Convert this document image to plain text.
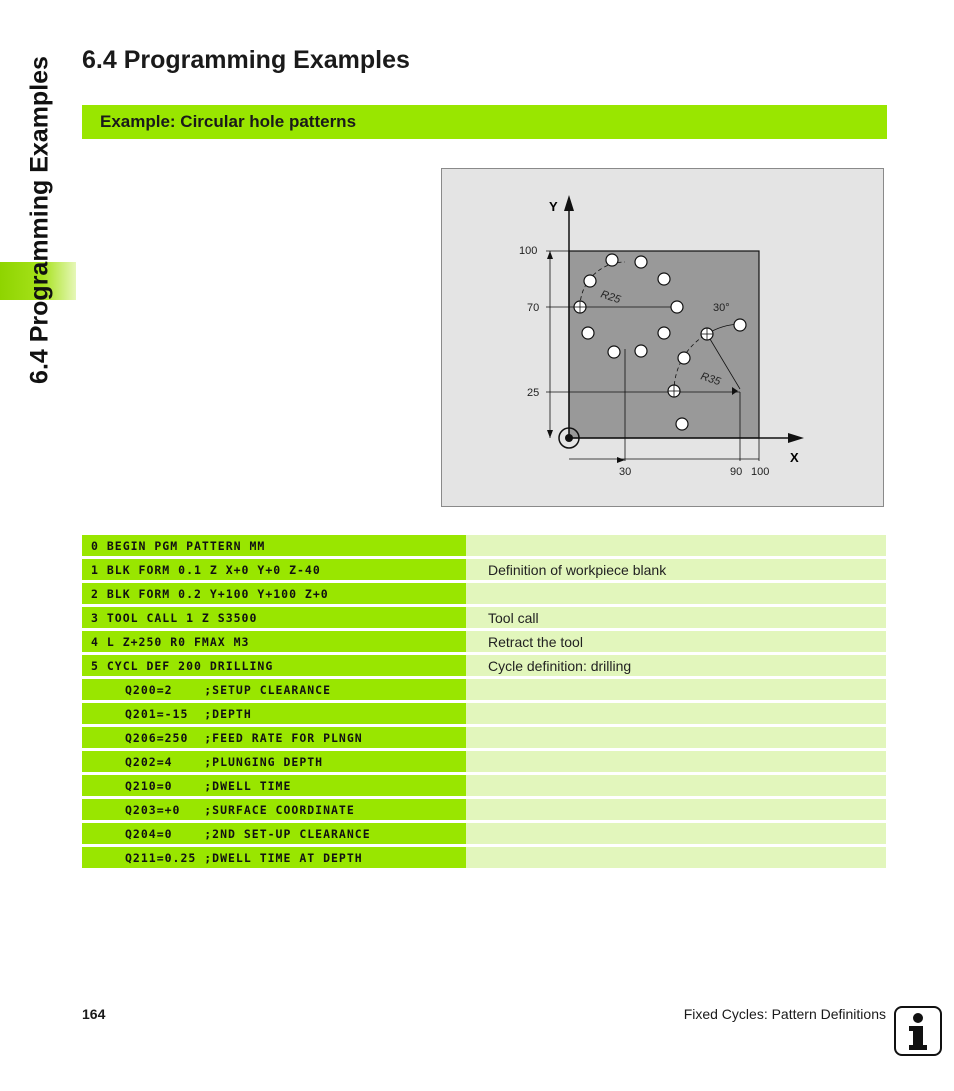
6.4 Programming Examples 6.4 Programming Examples
Example: Circular hole patterns
Y
X
100
70
25
30	90 100
R25
R35
30°
0 BEGIN PGM PATTERN MM	
1 BLK FORM 0.1 Z X+0 Y+0 Z-40	Definition of workpiece blank
2 BLK FORM 0.2 Y+100 Y+100 Z+0	
3 TOOL CALL 1 Z S3500	Tool call
4 L Z+250 R0 FMAX M3	Retract the tool
5 CYCL DEF 200 DRILLING	Cycle definition: drilling
Q200=2    ;SETUP CLEARANCE	
Q201=-15  ;DEPTH	
Q206=250  ;FEED RATE FOR PLNGN	
Q202=4    ;PLUNGING DEPTH	
Q210=0    ;DWELL TIME	
Q203=+0   ;SURFACE COORDINATE	
Q204=0    ;2ND SET-UP CLEARANCE	
Q211=0.25 ;DWELL TIME AT DEPTH	
164	Fixed Cycles: Pattern Definitions
